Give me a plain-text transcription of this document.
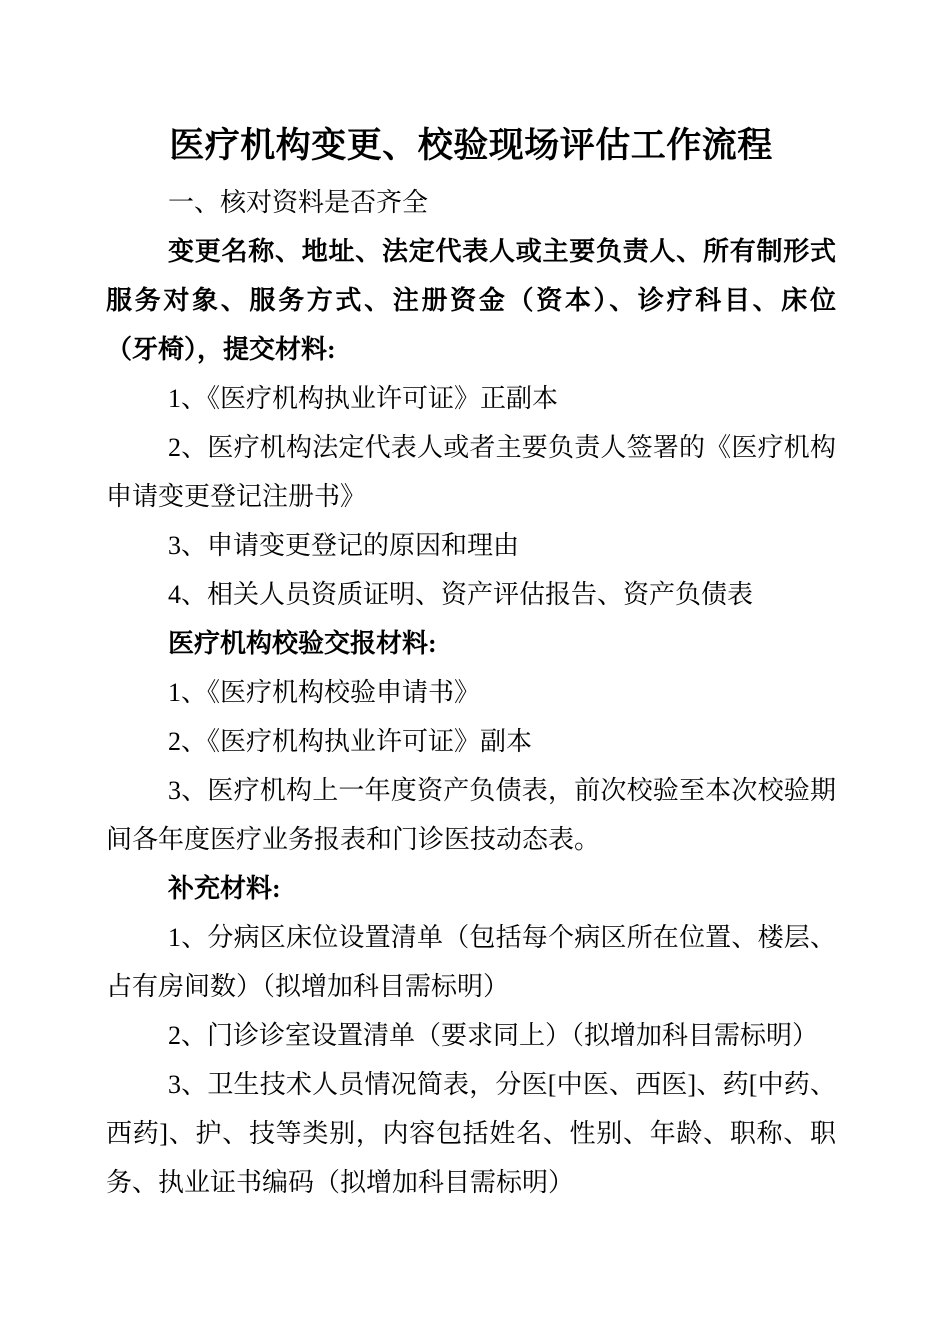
医疗机构变更、校验现场评估工作流程
一、核对资料是否齐全
变更名称、地址、法定代表人或主要负责人、所有制形式
服务对象、服务方式、注册资金（资本）、诊疗科目、床位
（牙椅），提交材料:
1、《医疗机构执业许可证》正副本
2、医疗机构法定代表人或者主要负责人签署的《医疗机构
申请变更登记注册书》
3、申请变更登记的原因和理由
4、相关人员资质证明、资产评估报告、资产负债表
医疗机构校验交报材料:
1、《医疗机构校验申请书》
2、《医疗机构执业许可证》副本
3、医疗机构上一年度资产负债表，前次校验至本次校验期
间各年度医疗业务报表和门诊医技动态表。
补充材料:
1、分病区床位设置清单（包括每个病区所在位置、楼层、
占有房间数）（拟增加科目需标明）
2、门诊诊室设置清单（要求同上）（拟增加科目需标明）
3、卫生技术人员情况简表，分医[中医、西医]、药[中药、
西药]、护、技等类别，内容包括姓名、性别、年龄、职称、职
务、执业证书编码（拟增加科目需标明）
